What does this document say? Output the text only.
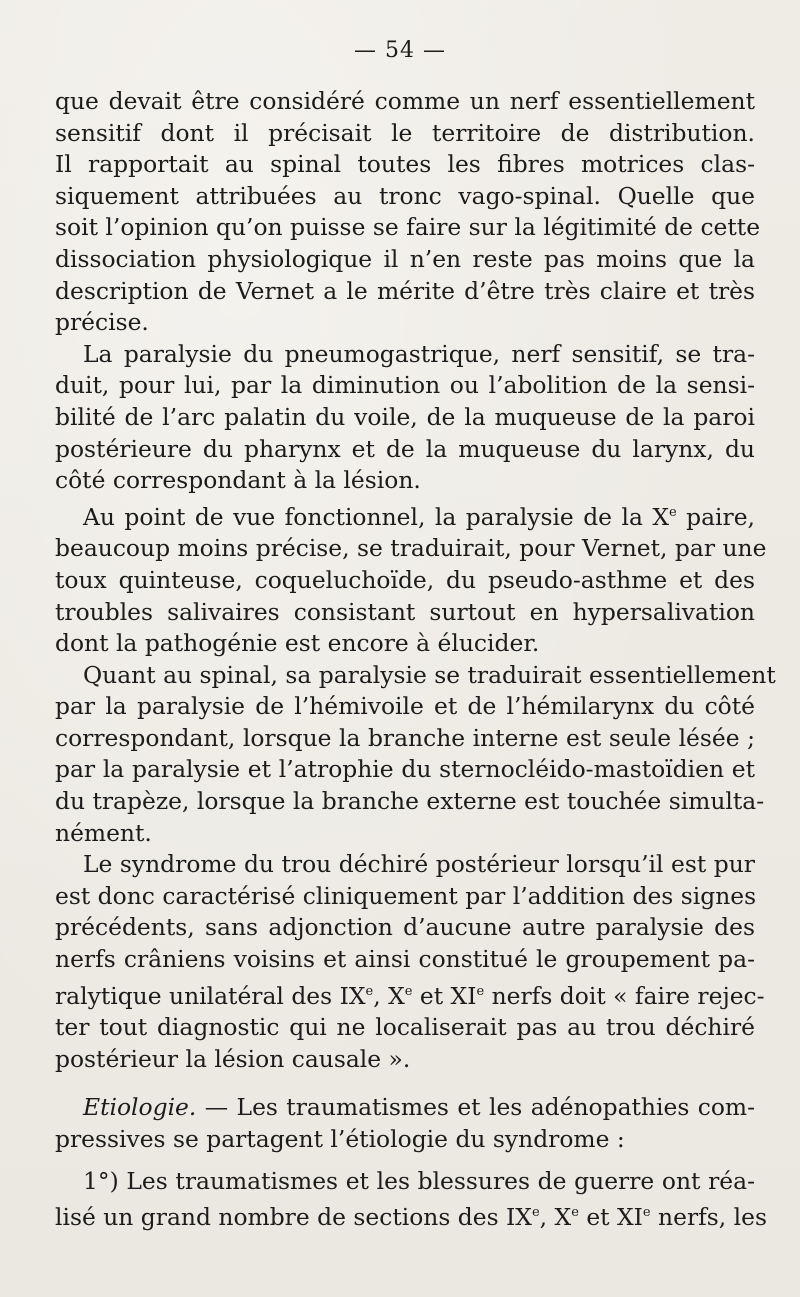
— 54 —
que devait être considéré comme un nerf essentiellement
sensitif dont il précisait le territoire de distribution.
Il rapportait au spinal toutes les fibres motrices clas-
siquement attribuées au tronc vago-spinal. Quelle que
soit l’opinion qu’on puisse se faire sur la légitimité de cette
dissociation physiologique il n’en reste pas moins que la
description de Vernet a le mérite d’être très claire et très
précise.
La paralysie du pneumogastrique, nerf sensitif, se tra-
duit, pour lui, par la diminution ou l’abolition de la sensi-
bilité de l’arc palatin du voile, de la muqueuse de la paroi
postérieure du pharynx et de la muqueuse du larynx, du
côté correspondant à la lésion.
Au point de vue fonctionnel, la paralysie de la Xe paire,
beaucoup moins précise, se traduirait, pour Vernet, par une
toux quinteuse, coqueluchoïde, du pseudo-asthme et des
troubles salivaires consistant surtout en hypersalivation
dont la pathogénie est encore à élucider.
Quant au spinal, sa paralysie se traduirait essentiellement
par la paralysie de l’hémivoile et de l’hémilarynx du côté
correspondant, lorsque la branche interne est seule lésée ;
par la paralysie et l’atrophie du sternocléido-mastoïdien et
du trapèze, lorsque la branche externe est touchée simulta-
nément.
Le syndrome du trou déchiré postérieur lorsqu’il est pur
est donc caractérisé cliniquement par l’addition des signes
précédents, sans adjonction d’aucune autre paralysie des
nerfs crâniens voisins et ainsi constitué le groupement pa-
ralytique unilatéral des IXe, Xe et XIe nerfs doit « faire rejec-
ter tout diagnostic qui ne localiserait pas au trou déchiré
postérieur la lésion causale ».
Etiologie. — Les traumatismes et les adénopathies com-
pressives se partagent l’étiologie du syndrome :
1°) Les traumatismes et les blessures de guerre ont réa-
lisé un grand nombre de sections des IXe, Xe et XIe nerfs, les
